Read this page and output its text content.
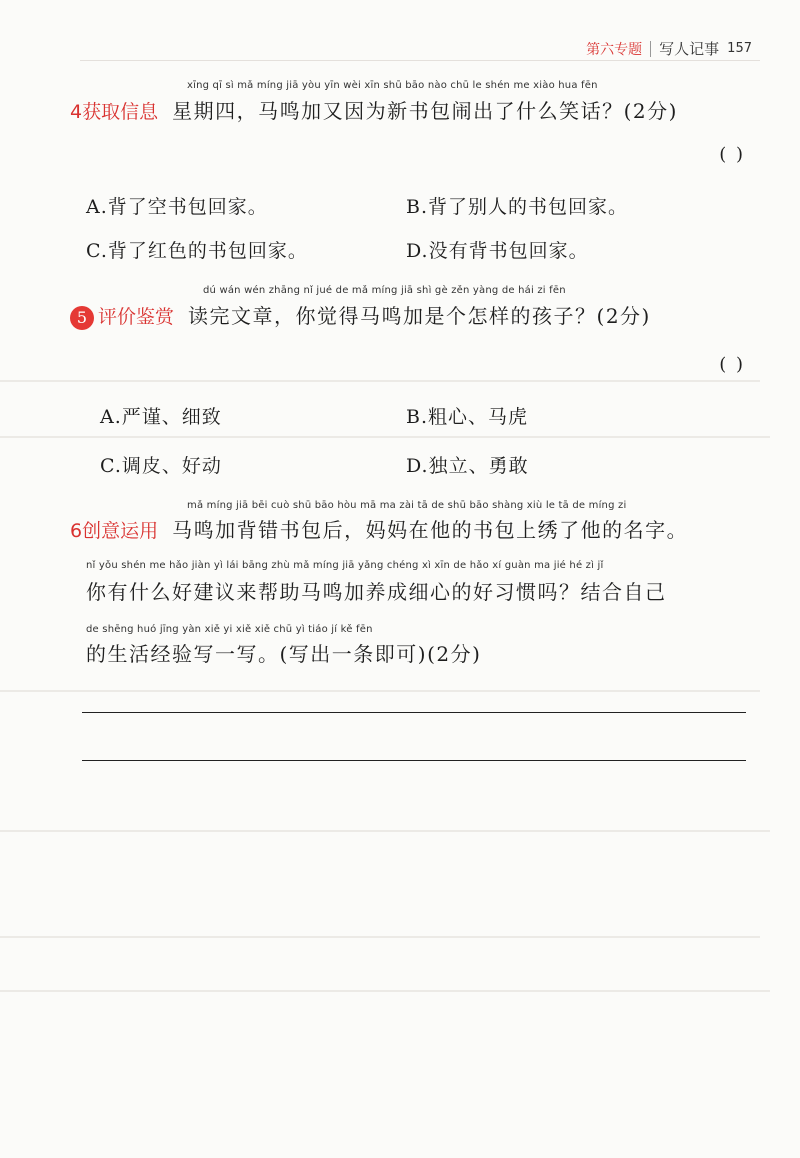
第六专题 写人记事 157
xīng qī sì mǎ míng jiā yòu yīn wèi xīn shū bāo nào chū le shén me xiào hua fēn
4获取信息 星期四，马鸣加又因为新书包闹出了什么笑话？(2分)
( )
A.背了空书包回家。	B.背了别人的书包回家。
C.背了红色的书包回家。	D.没有背书包回家。
dú wán wén zhāng nǐ jué de mǎ míng jiā shì gè zěn yàng de hái zi fēn
5 评价鉴赏 读完文章，你觉得马鸣加是个怎样的孩子？(2分)
( )
A.严谨、细致	B.粗心、马虎
C.调皮、好动	D.独立、勇敢
mǎ míng jiā bēi cuò shū bāo hòu mā ma zài tā de shū bāo shàng xiù le tā de míng zi
6创意运用 马鸣加背错书包后，妈妈在他的书包上绣了他的名字。
nǐ yǒu shén me hǎo jiàn yì lái bāng zhù mǎ míng jiā yǎng chéng xì xīn de hǎo xí guàn ma jié hé zì jǐ
你有什么好建议来帮助马鸣加养成细心的好习惯吗？结合自己
de shēng huó jīng yàn xiě yi xiě xiě chū yì tiáo jí kě fēn
的生活经验写一写。(写出一条即可)(2分)
